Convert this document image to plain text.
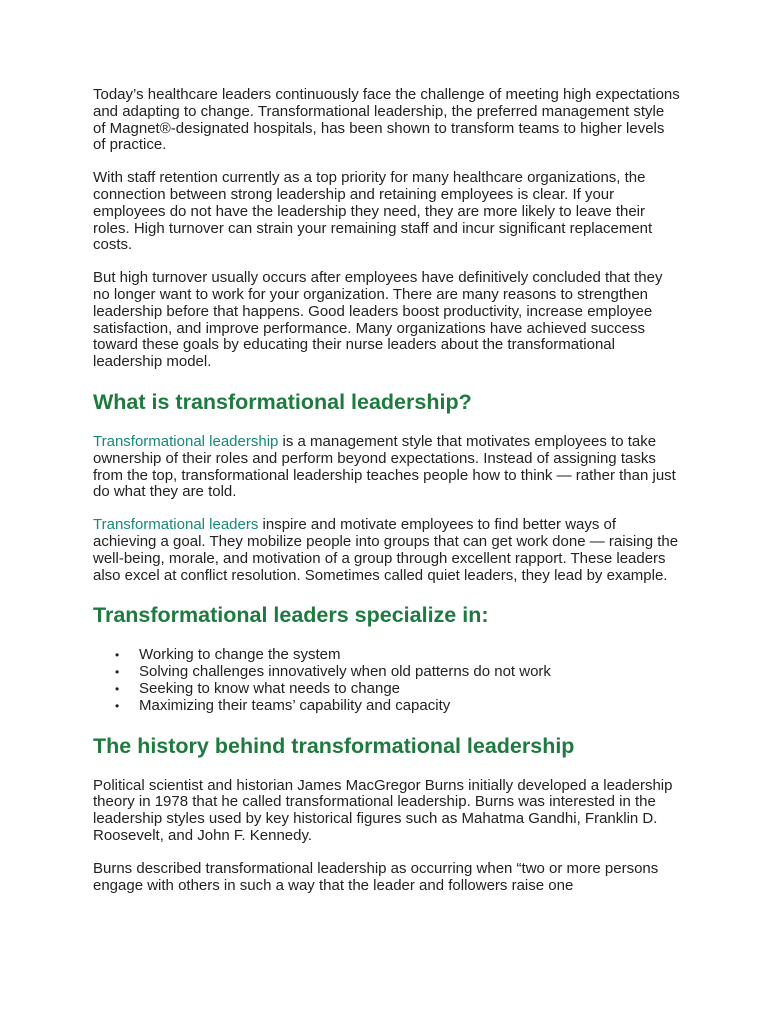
Today’s healthcare leaders continuously face the challenge of meeting high expectations and adapting to change. Transformational leadership, the preferred management style of Magnet®-designated hospitals, has been shown to transform teams to higher levels of practice.

With staff retention currently as a top priority for many healthcare organizations, the connection between strong leadership and retaining employees is clear. If your employees do not have the leadership they need, they are more likely to leave their roles. High turnover can strain your remaining staff and incur significant replacement costs.

But high turnover usually occurs after employees have definitively concluded that they no longer want to work for your organization. There are many reasons to strengthen leadership before that happens. Good leaders boost productivity, increase employee satisfaction, and improve performance. Many organizations have achieved success toward these goals by educating their nurse leaders about the transformational leadership model.

What is transformational leadership?

Transformational leadership is a management style that motivates employees to take ownership of their roles and perform beyond expectations. Instead of assigning tasks from the top, transformational leadership teaches people how to think — rather than just do what they are told.

Transformational leaders inspire and motivate employees to find better ways of achieving a goal. They mobilize people into groups that can get work done — raising the well-being, morale, and motivation of a group through excellent rapport. These leaders also excel at conflict resolution. Sometimes called quiet leaders, they lead by example.

Transformational leaders specialize in:
• Working to change the system
• Solving challenges innovatively when old patterns do not work
• Seeking to know what needs to change
• Maximizing their teams’ capability and capacity
The history behind transformational leadership

Political scientist and historian James MacGregor Burns initially developed a leadership theory in 1978 that he called transformational leadership. Burns was interested in the leadership styles used by key historical figures such as Mahatma Gandhi, Franklin D. Roosevelt, and John F. Kennedy.

Burns described transformational leadership as occurring when “two or more persons engage with others in such a way that the leader and followers raise one
